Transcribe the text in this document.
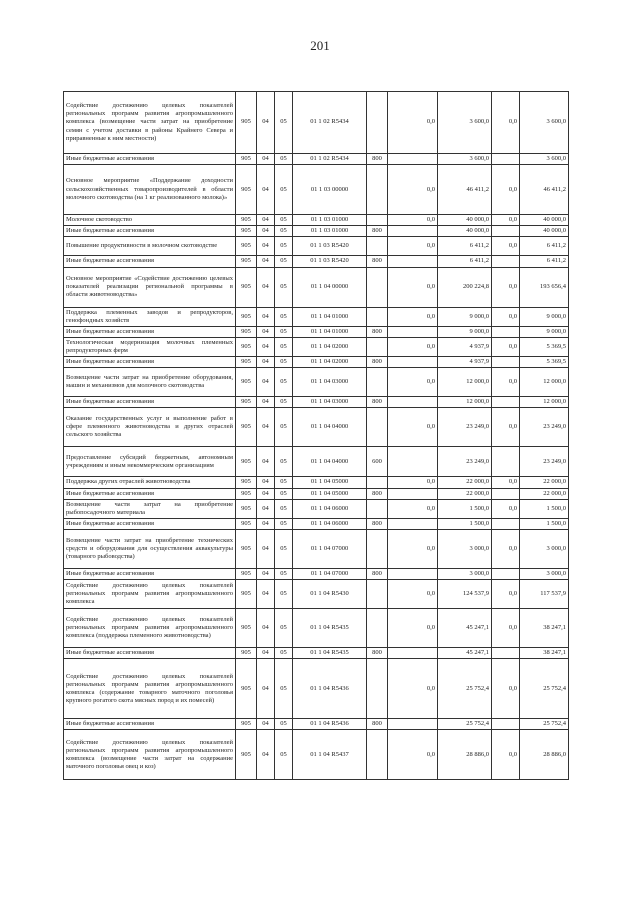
201
Содействие достижению целевых показателей региональных программ развития агропромышленного комплекса (возмещение части затрат на приобретение семян с учетом доставки в районы Крайнего Севера и приравненные к ним местности)	905	04	05	01 1 02 R5434		0,0	3 600,0	0,0	3 600,0
Иные бюджетные ассигнования	905	04	05	01 1 02 R5434	800		3 600,0		3 600,0
Основное мероприятие «Поддержание доходности сельскохозяйственных товаропроизводителей в области молочного скотоводства (на 1 кг реализованного молока)»	905	04	05	01 1 03 00000		0,0	46 411,2	0,0	46 411,2
Молочное скотоводство	905	04	05	01 1 03 01000		0,0	40 000,0	0,0	40 000,0
Иные бюджетные ассигнования	905	04	05	01 1 03 01000	800		40 000,0		40 000,0
Повышение продуктивности в молочном скотоводстве	905	04	05	01 1 03 R5420		0,0	6 411,2	0,0	6 411,2
Иные бюджетные ассигнования	905	04	05	01 1 03 R5420	800		6 411,2		6 411,2
Основное мероприятие «Содействие достижению целевых показателей реализации региональной программы в области животноводства»	905	04	05	01 1 04 00000		0,0	200 224,8	0,0	193 656,4
Поддержка племенных заводов и репродукторов, генофондных хозяйств	905	04	05	01 1 04 01000		0,0	9 000,0	0,0	9 000,0
Иные бюджетные ассигнования	905	04	05	01 1 04 01000	800		9 000,0		9 000,0
Технологическая модернизация молочных племенных репродукторных ферм	905	04	05	01 1 04 02000		0,0	4 937,9	0,0	5 369,5
Иные бюджетные ассигнования	905	04	05	01 1 04 02000	800		4 937,9		5 369,5
Возмещение части затрат на приобретение оборудования, машин и механизмов для молочного скотоводства	905	04	05	01 1 04 03000		0,0	12 000,0	0,0	12 000,0
Иные бюджетные ассигнования	905	04	05	01 1 04 03000	800		12 000,0		12 000,0
Оказание государственных услуг и выполнение работ в сфере племенного животноводства и других отраслей сельского хозяйства	905	04	05	01 1 04 04000		0,0	23 249,0	0,0	23 249,0
Предоставление субсидий бюджетным, автономным учреждениям и иным некоммерческим организациям	905	04	05	01 1 04 04000	600		23 249,0		23 249,0
Поддержка других отраслей животноводства	905	04	05	01 1 04 05000		0,0	22 000,0	0,0	22 000,0
Иные бюджетные ассигнования	905	04	05	01 1 04 05000	800		22 000,0		22 000,0
Возмещение части затрат на приобретение рыбопосадочного материала	905	04	05	01 1 04 06000		0,0	1 500,0	0,0	1 500,0
Иные бюджетные ассигнования	905	04	05	01 1 04 06000	800		1 500,0		1 500,0
Возмещение части затрат на приобретение технических средств и оборудования для осуществления аквакультуры (товарного рыбоводства)	905	04	05	01 1 04 07000		0,0	3 000,0	0,0	3 000,0
Иные бюджетные ассигнования	905	04	05	01 1 04 07000	800		3 000,0		3 000,0
Содействие достижению целевых показателей региональных программ развития агропромышленного комплекса	905	04	05	01 1 04 R5430		0,0	124 537,9	0,0	117 537,9
Содействие достижению целевых показателей региональных программ развития агропромышленного комплекса (поддержка племенного животноводства)	905	04	05	01 1 04 R5435		0,0	45 247,1	0,0	38 247,1
Иные бюджетные ассигнования	905	04	05	01 1 04 R5435	800		45 247,1		38 247,1
Содействие достижению целевых показателей региональных программ развития агропромышленного комплекса (содержание товарного маточного поголовья крупного рогатого скота мясных пород и их помесей)	905	04	05	01 1 04 R5436		0,0	25 752,4	0,0	25 752,4
Иные бюджетные ассигнования	905	04	05	01 1 04 R5436	800		25 752,4		25 752,4
Содействие достижению целевых показателей региональных программ развития агропромышленного комплекса (возмещение части затрат на содержание маточного поголовья овец и коз)	905	04	05	01 1 04 R5437		0,0	28 886,0	0,0	28 886,0
